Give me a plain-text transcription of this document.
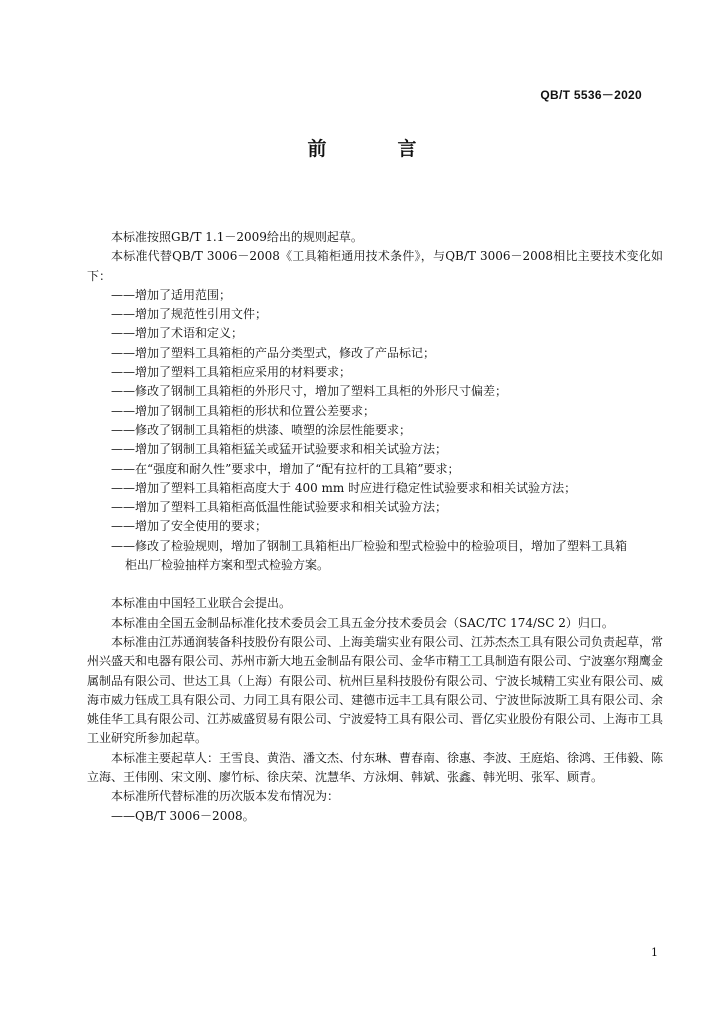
QB/T 5536－2020
前　言

本标准按照GB/T 1.1－2009给出的规则起草。

本标准代替QB/T 3006－2008《工具箱柜通用技术条件》，与QB/T 3006－2008相比主要技术变化如下：

——增加了适用范围；

——增加了规范性引用文件；

——增加了术语和定义；

——增加了塑料工具箱柜的产品分类型式，修改了产品标记；

——增加了塑料工具箱柜应采用的材料要求；

——修改了钢制工具箱柜的外形尺寸，增加了塑料工具柜的外形尺寸偏差；

——增加了钢制工具箱柜的形状和位置公差要求；

——修改了钢制工具箱柜的烘漆、喷塑的涂层性能要求；

——增加了钢制工具箱柜猛关或猛开试验要求和相关试验方法；

——在“强度和耐久性”要求中，增加了“配有拉杆的工具箱”要求；

——增加了塑料工具箱柜高度大于 400 mm 时应进行稳定性试验要求和相关试验方法；

——增加了塑料工具箱柜高低温性能试验要求和相关试验方法；

——增加了安全使用的要求；

——修改了检验规则，增加了钢制工具箱柜出厂检验和型式检验中的检验项目，增加了塑料工具箱

柜出厂检验抽样方案和型式检验方案。

本标准由中国轻工业联合会提出。

本标准由全国五金制品标准化技术委员会工具五金分技术委员会（SAC/TC 174/SC 2）归口。

本标准由江苏通润装备科技股份有限公司、上海美瑞实业有限公司、江苏杰杰工具有限公司负责起草，常州兴盛天和电器有限公司、苏州市新大地五金制品有限公司、金华市精工工具制造有限公司、宁波塞尔翔鹰金属制品有限公司、世达工具（上海）有限公司、杭州巨星科技股份有限公司、宁波长城精工实业有限公司、威海市威力钰成工具有限公司、力同工具有限公司、建德市远丰工具有限公司、宁波世际波斯工具有限公司、余姚佳华工具有限公司、江苏威盛贸易有限公司、宁波爱特工具有限公司、晋亿实业股份有限公司、上海市工具工业研究所参加起草。

本标准主要起草人：王雪良、黄浩、潘文杰、付东琳、曹春南、徐惠、李波、王庭焰、徐鸿、王伟毅、陈立海、王伟刚、宋文刚、廖竹标、徐庆荣、沈慧华、方泳炯、韩斌、张鑫、韩光明、张军、顾青。

本标准所代替标准的历次版本发布情况为：

——QB/T 3006－2008。

1
